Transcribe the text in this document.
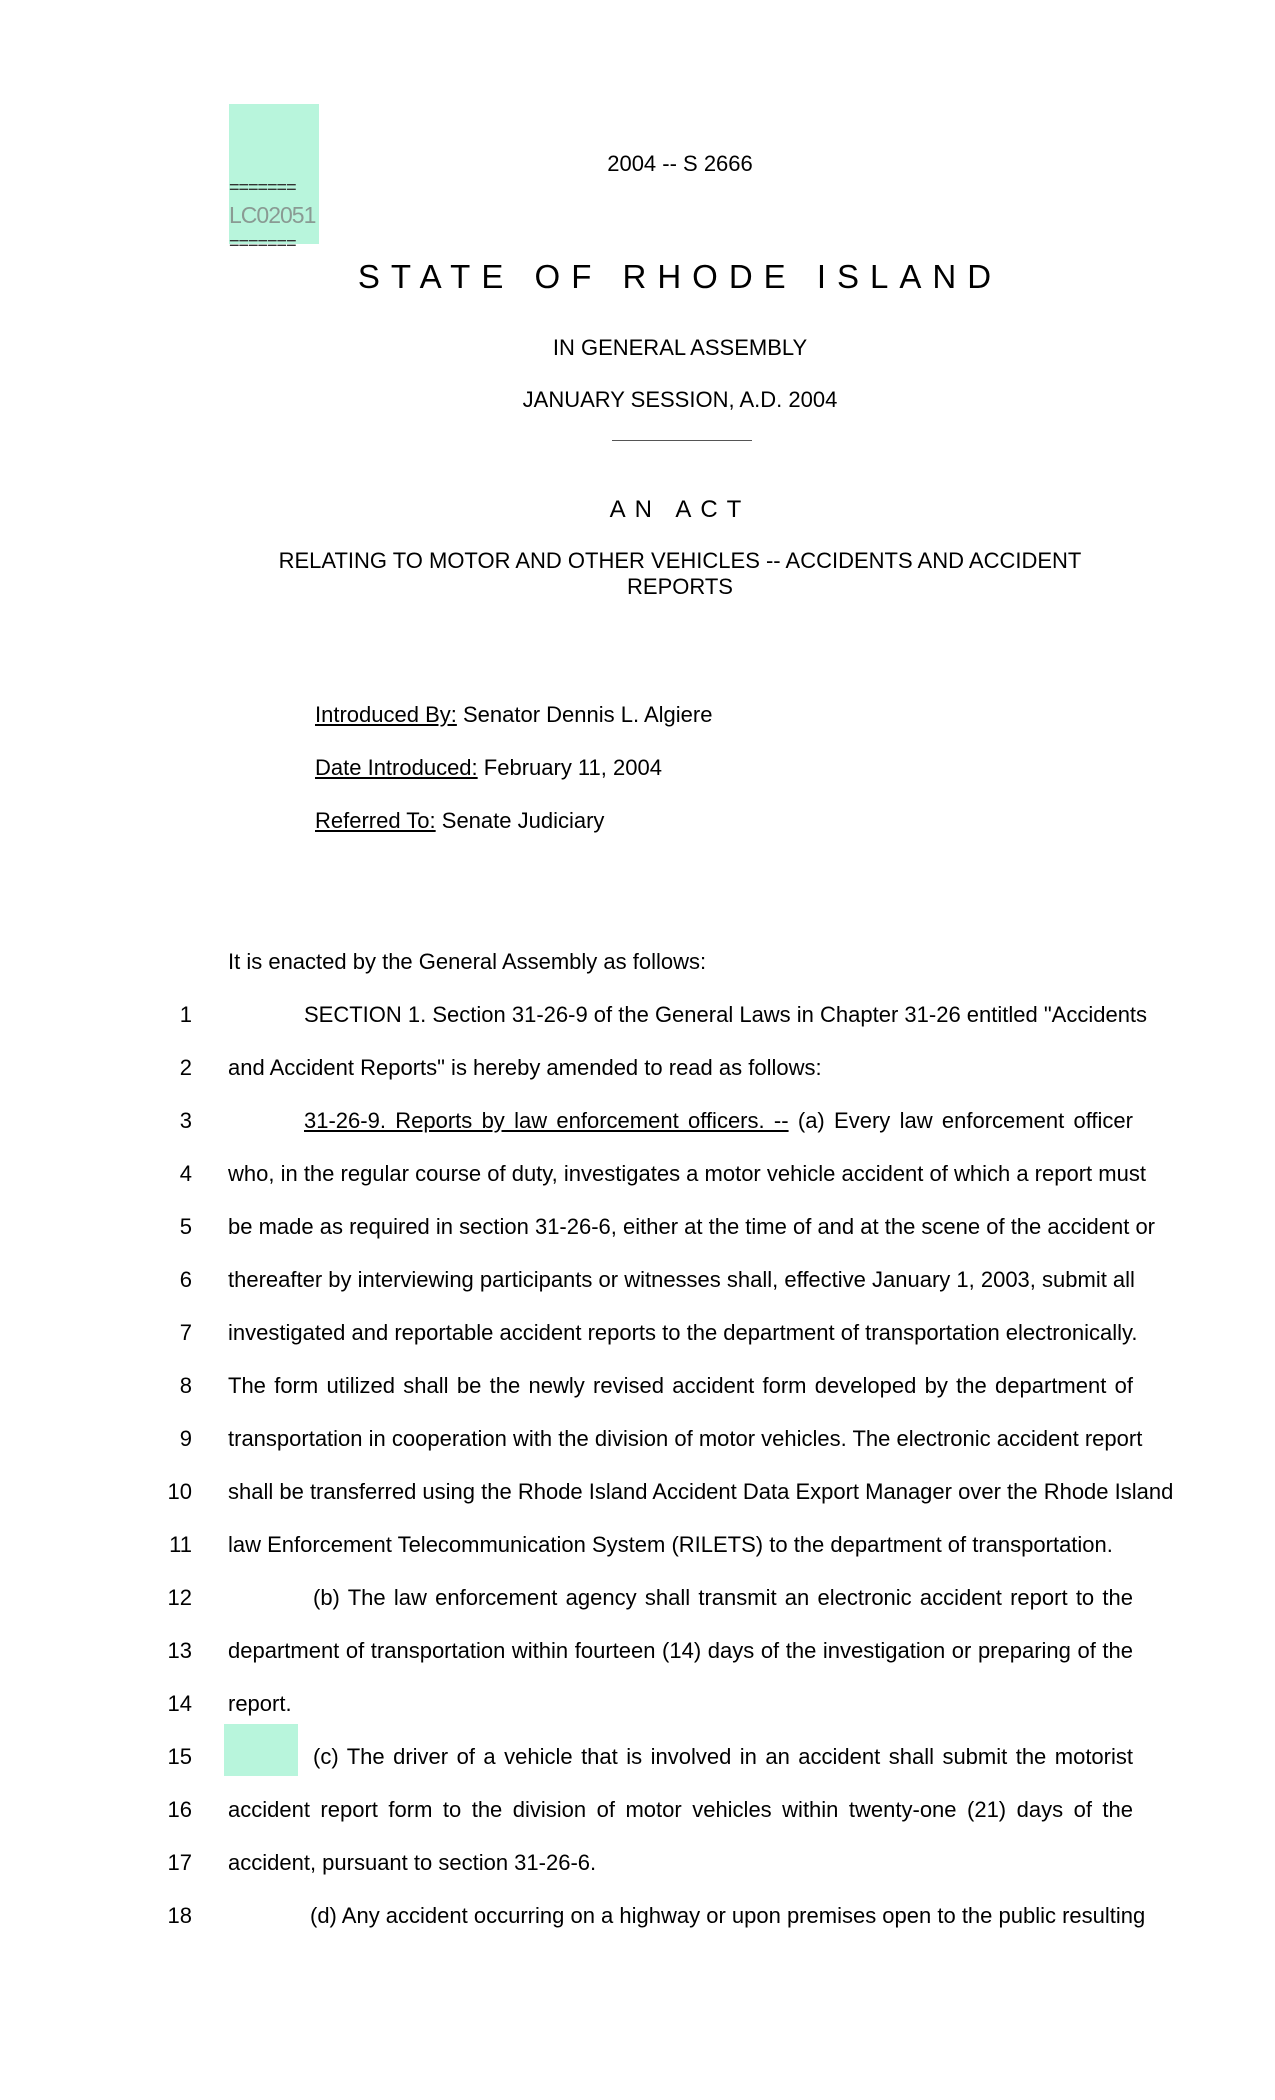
=======
LC02051
=======
2004 -- S 2666
STATE OF RHODE ISLAND
IN GENERAL ASSEMBLY
JANUARY SESSION, A.D. 2004
AN ACT
RELATING TO MOTOR AND OTHER VEHICLES -- ACCIDENTS AND ACCIDENT
REPORTS
Introduced By: Senator Dennis L. Algiere
Date Introduced: February 11, 2004
Referred To: Senate Judiciary
It is enacted by the General Assembly as follows:
1	SECTION 1. Section 31-26-9 of the General Laws in Chapter 31-26 entitled "Accidents
2 and Accident Reports" is hereby amended to read as follows:
3	31-26-9. Reports by law enforcement officers. -- (a) Every law enforcement officer
4 who, in the regular course of duty, investigates a motor vehicle accident of which a report must
5 be made as required in section 31-26-6, either at the time of and at the scene of the accident or
6 thereafter by interviewing participants or witnesses shall, effective January 1, 2003, submit all
7 investigated and reportable accident reports to the department of transportation electronically.
8 The form utilized shall be the newly revised accident form developed by the department of
9 transportation in cooperation with the division of motor vehicles. The electronic accident report
10 shall be transferred using the Rhode Island Accident Data Export Manager over the Rhode Island
11 law Enforcement Telecommunication System (RILETS) to the department of transportation.
12	(b) The law enforcement agency shall transmit an electronic accident report to the
13 department of transportation within fourteen (14) days of the investigation or preparing of the
14 report.
15	(c) The driver of a vehicle that is involved in an accident shall submit the motorist
16 accident report form to the division of motor vehicles within twenty-one (21) days of the
17 accident, pursuant to section 31-26-6.
18	(d) Any accident occurring on a highway or upon premises open to the public resulting
